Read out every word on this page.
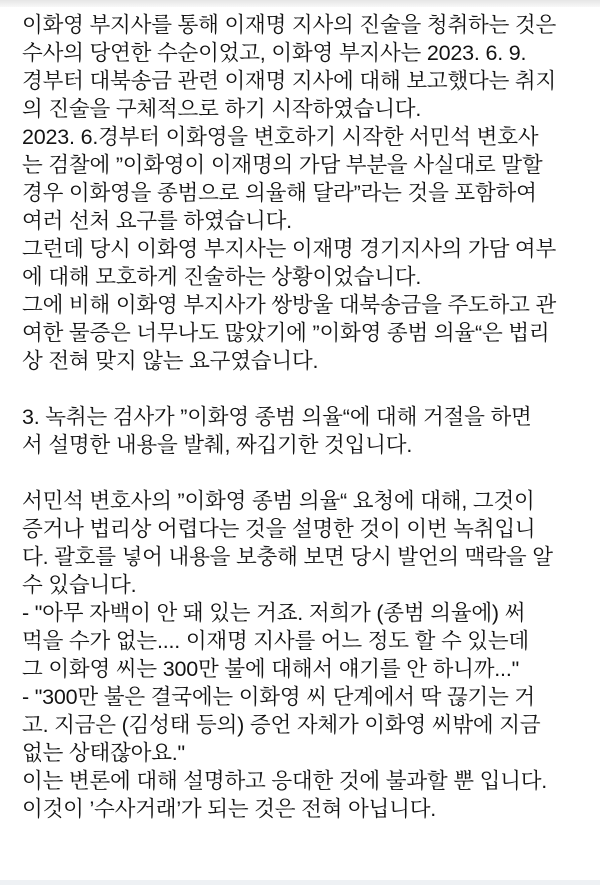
이화영 부지사를 통해 이재명 지사의 진술을 청취하는 것은
수사의 당연한 수순이었고, 이화영 부지사는 2023. 6. 9.
경부터 대북송금 관련 이재명 지사에 대해 보고했다는 취지
의 진술을 구체적으로 하기 시작하였습니다.
2023. 6.경부터 이화영을 변호하기 시작한 서민석 변호사
는 검찰에 ”이화영이 이재명의 가담 부분을 사실대로 말할
경우 이화영을 종범으로 의율해 달라”라는 것을 포함하여
여러 선처 요구를 하였습니다.
그런데 당시 이화영 부지사는 이재명 경기지사의 가담 여부
에 대해 모호하게 진술하는 상황이었습니다.
그에 비해 이화영 부지사가 쌍방울 대북송금을 주도하고 관
여한 물증은 너무나도 많았기에 ”이화영 종범 의율“은 법리
상 전혀 맞지 않는 요구였습니다.
3. 녹취는 검사가 ”이화영 종범 의율“에 대해 거절을 하면
서 설명한 내용을 발췌, 짜깁기한 것입니다.
서민석 변호사의 ”이화영 종범 의율“ 요청에 대해, 그것이
증거나 법리상 어렵다는 것을 설명한 것이 이번 녹취입니
다. 괄호를 넣어 내용을 보충해 보면 당시 발언의 맥락을 알
수 있습니다.
- "아무 자백이 안 돼 있는 거죠. 저희가 (종범 의율에) 써
먹을 수가 없는.... 이재명 지사를 어느 정도 할 수 있는데
그 이화영 씨는 300만 불에 대해서 얘기를 안 하니까..."
- "300만 불은 결국에는 이화영 씨 단계에서 딱 끊기는 거
고. 지금은 (김성태 등의) 증언 자체가 이화영 씨밖에 지금
없는 상태잖아요."
이는 변론에 대해 설명하고 응대한 것에 불과할 뿐 입니다.
이것이 ’수사거래’가 되는 것은 전혀 아닙니다.
